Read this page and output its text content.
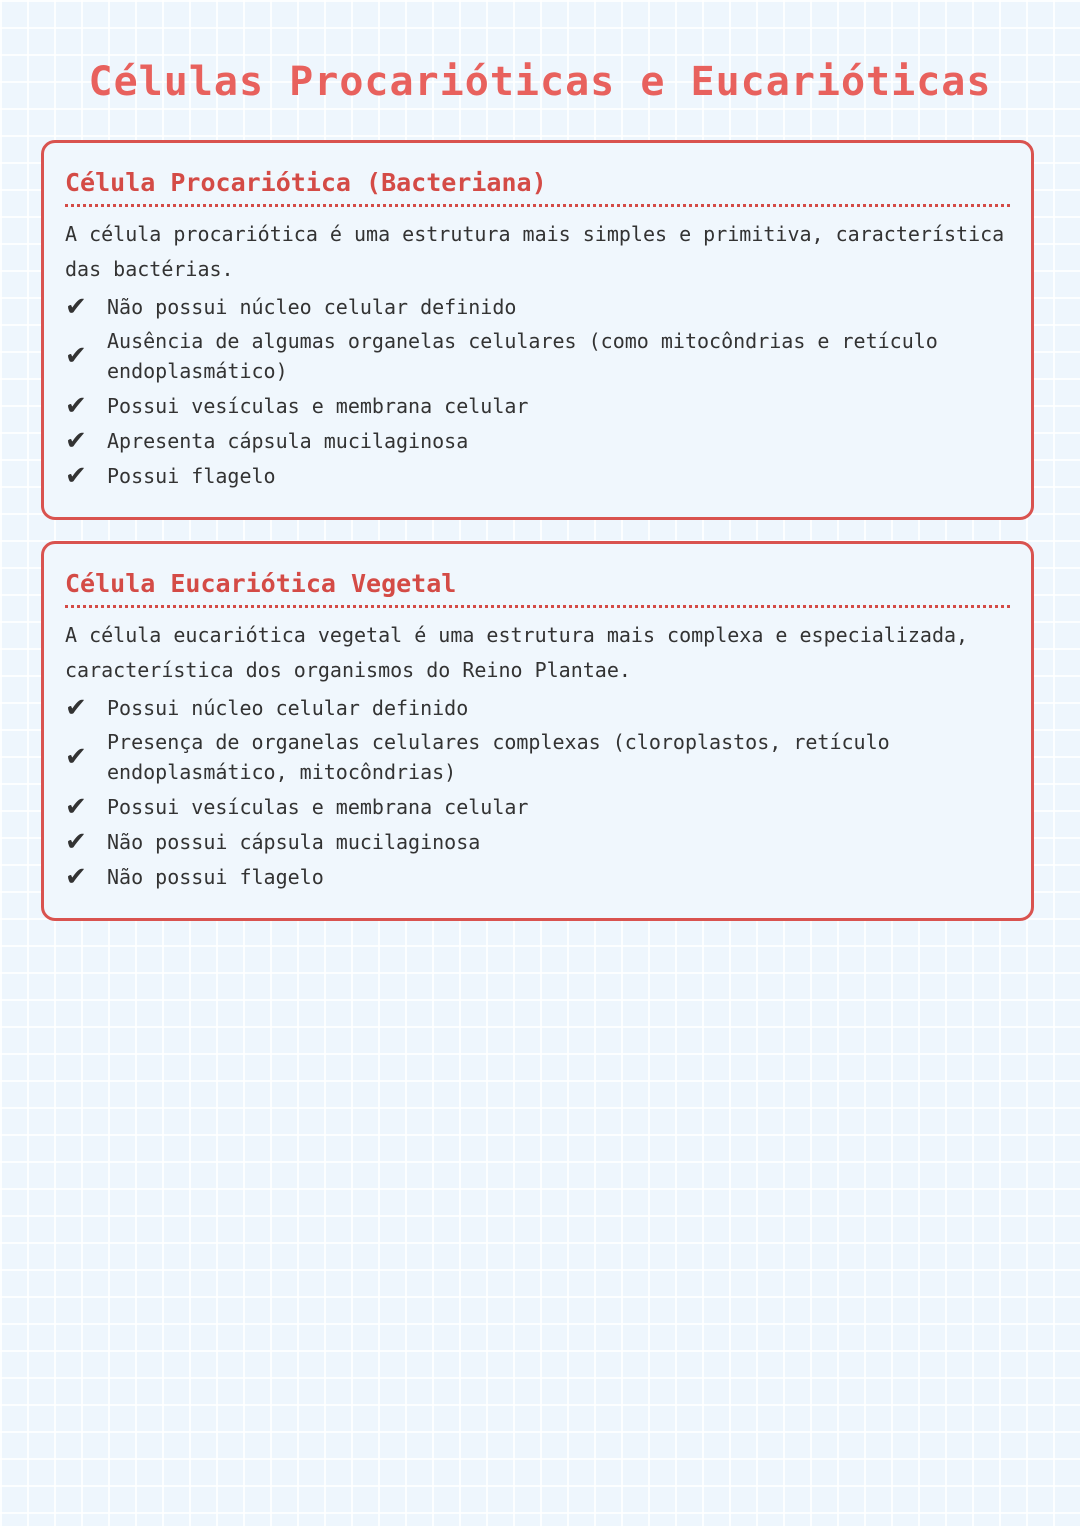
Células Procarióticas e Eucarióticas
Célula Procariótica (Bacteriana)

A célula procariótica é uma estrutura mais simples e primitiva, característica das bactérias.

✔	Não possui núcleo celular definido
✔	Ausência de algumas organelas celulares (como mitocôndrias e retículo endoplasmático)
✔	Possui vesículas e membrana celular
✔	Apresenta cápsula mucilaginosa
✔	Possui flagelo
Célula Eucariótica Vegetal

A célula eucariótica vegetal é uma estrutura mais complexa e especializada, característica dos organismos do Reino Plantae.

✔	Possui núcleo celular definido
✔	Presença de organelas celulares complexas (cloroplastos, retículo endoplasmático, mitocôndrias)
✔	Possui vesículas e membrana celular
✔	Não possui cápsula mucilaginosa
✔	Não possui flagelo
